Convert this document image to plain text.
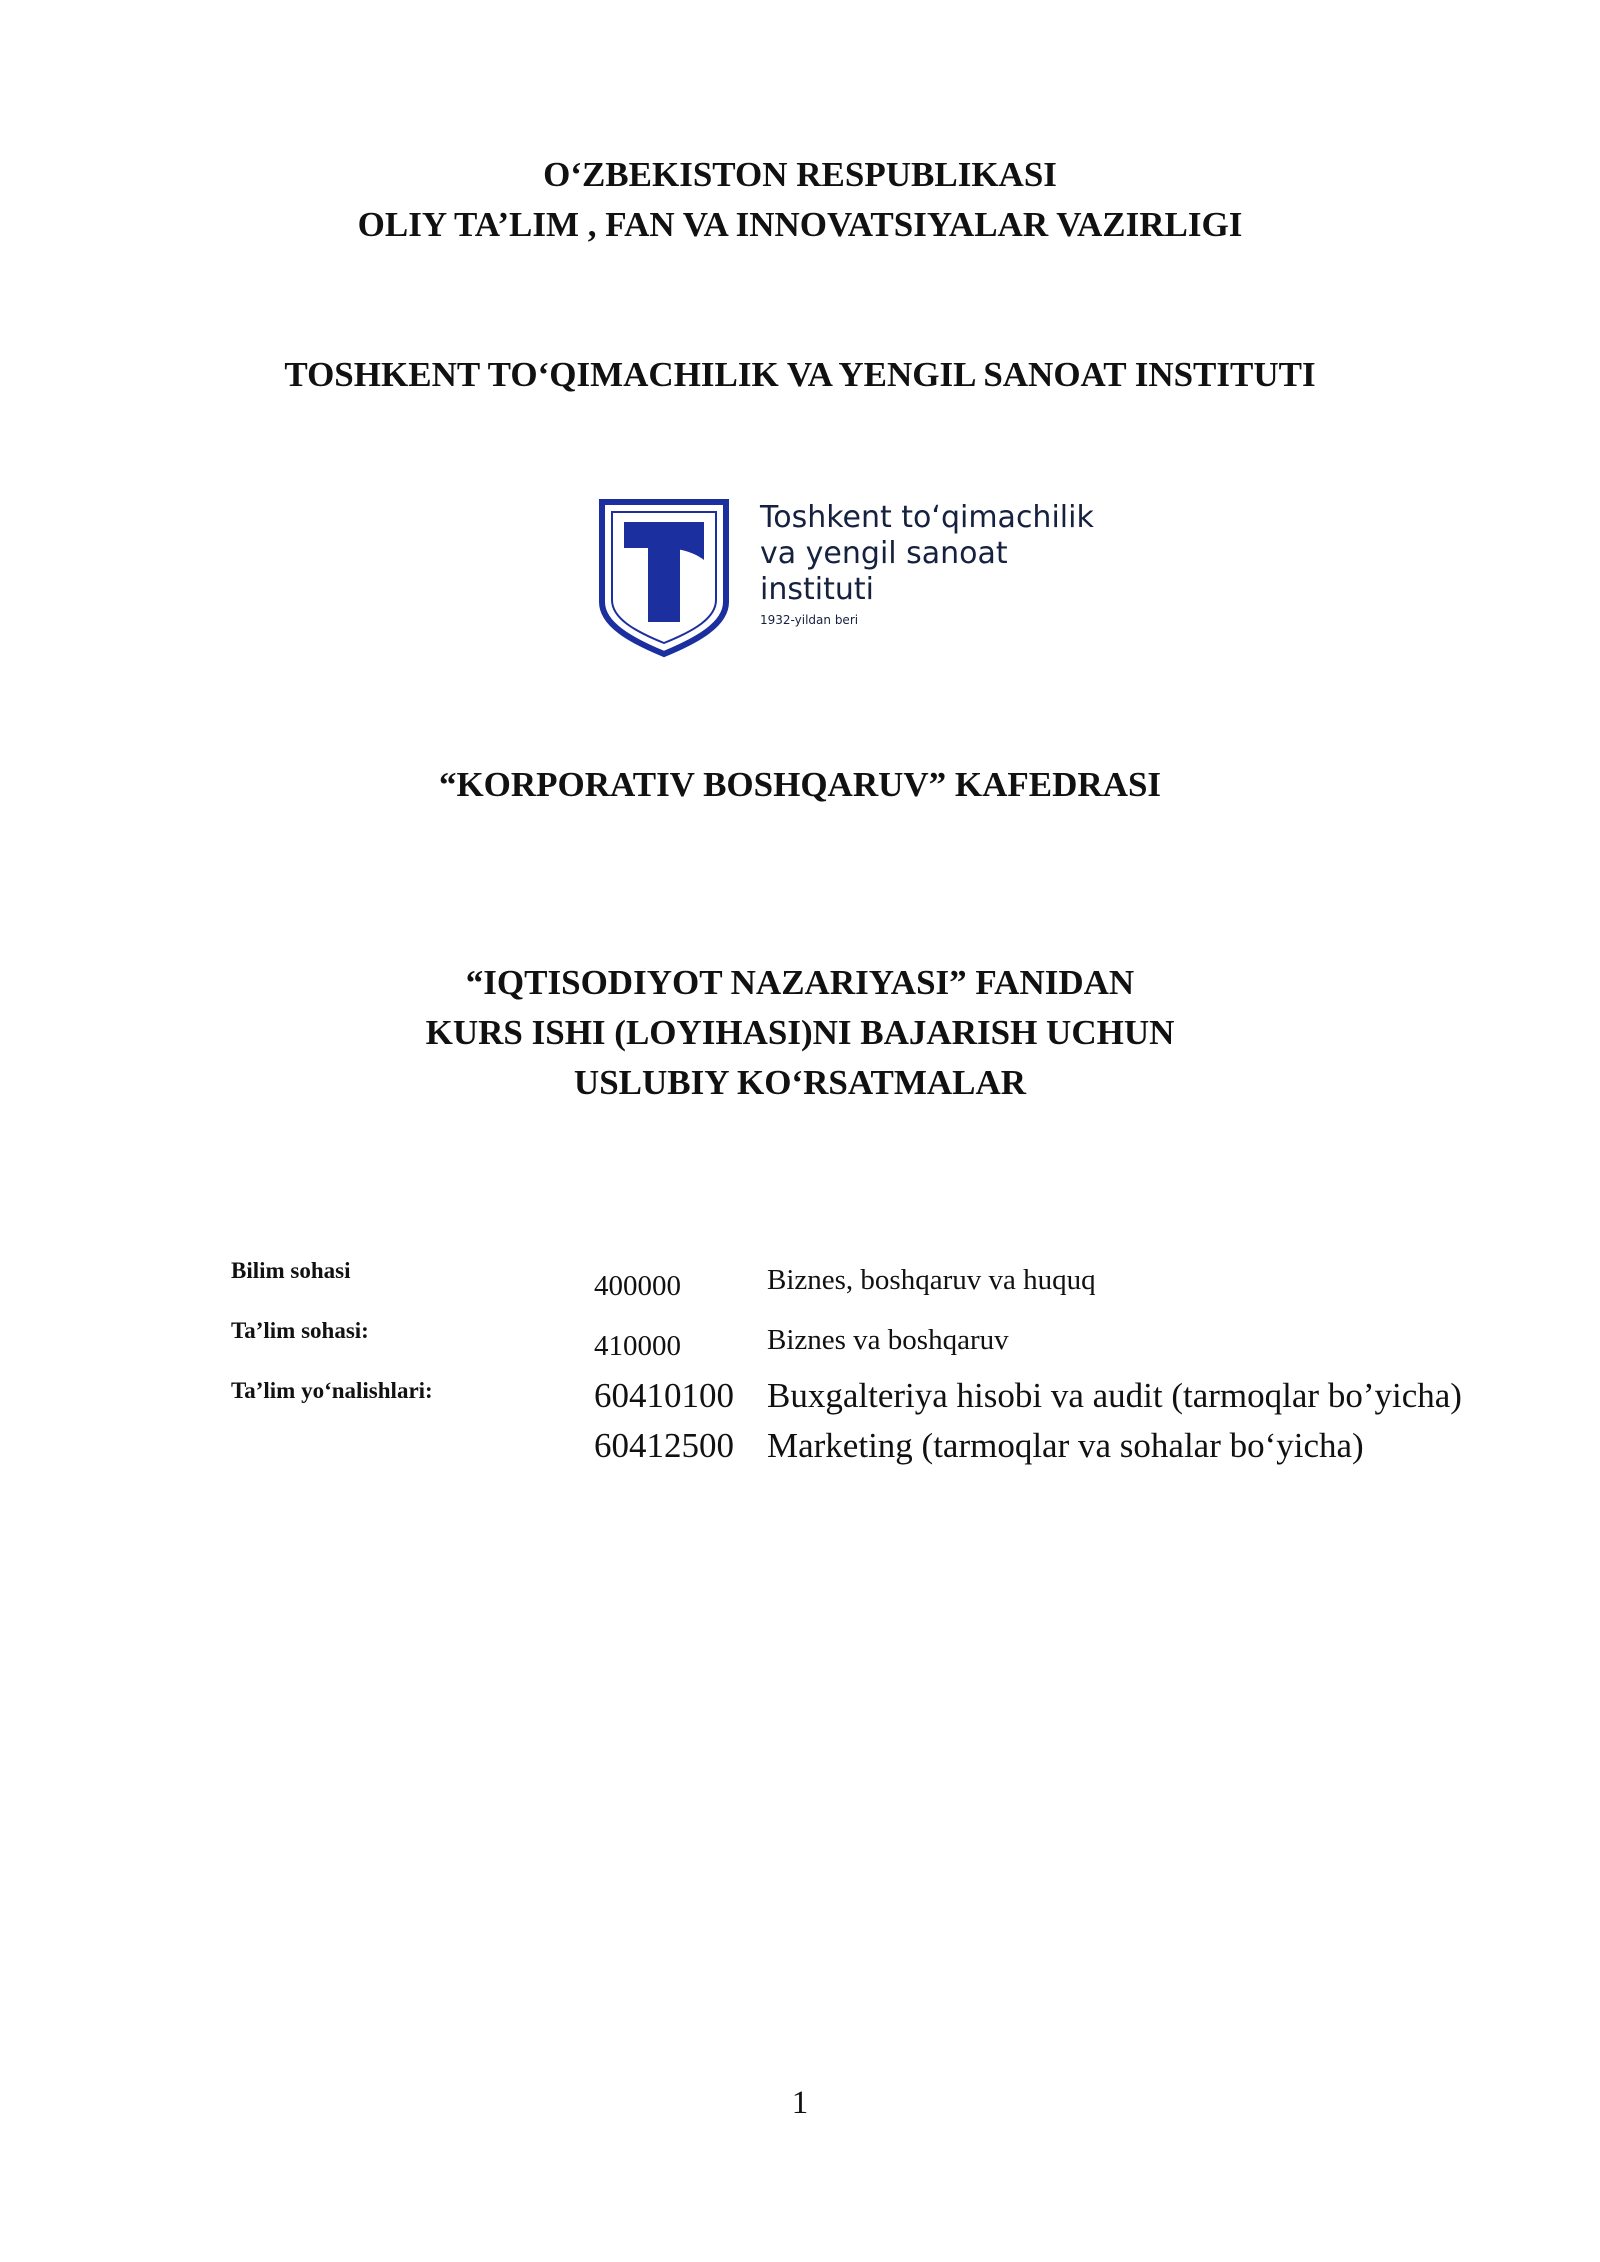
O‘ZBEKISTON RESPUBLIKASI
OLIY TA’LIM , FAN VA INNOVATSIYALAR VAZIRLIGI
TOSHKENT TO‘QIMACHILIK VA YENGIL SANOAT INSTITUTI
Toshkent to‘qimachilik
va yengil sanoat
instituti
1932-yildan beri
“KORPORATIV BOSHQARUV” KAFEDRASI
“IQTISODIYOT NAZARIYASI” FANIDAN
KURS ISHI (LOYIHASI)NI BAJARISH UCHUN
USLUBIY KO‘RSATMALAR
Bilim sohasi	400000	Biznes, boshqaruv va huquq
Ta’lim sohasi:	410000	Biznes va boshqaruv
Ta’lim yo‘nalishlari:	60410100 Buxgalteriya hisobi va audit (tarmoqlar bo’yicha)
60412500 Marketing (tarmoqlar va sohalar bo‘yicha)
1
